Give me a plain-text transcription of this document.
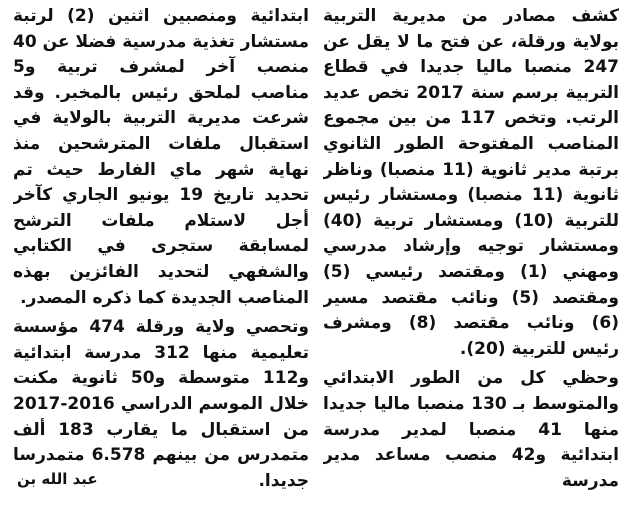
كشف مصادر من مديرية التربية بولاية ورقلة، عن فتح ما لا يقل عن 247 منصبا ماليا جديدا في قطاع التربية برسم سنة 2017 تخص عديد الرتب. وتخص 117 من بين مجموع المناصب المفتوحة الطور الثانوي برتبة مدير ثانوية (11 منصبا) وناظر ثانوية (11 منصبا) ومستشار رئيس للتربية (10) ومستشار تربية (40) ومستشار توجيه وإرشاد مدرسي ومهني (1) ومقتصد رئيسي (5) ومقتصد (5) ونائب مقتصد مسير (6) ونائب مقتصد (8) ومشرف رئيس للتربية (20).

وحظي كل من الطور الابتدائي والمتوسط بـ 130 منصبا ماليا جديدا منها 41 منصبا لمدير مدرسة ابتدائية و42 منصب مساعد مدير مدرسة

ابتدائية ومنصبين اثنين (2) لرتبة مستشار تغذية مدرسية فضلا عن 40 منصب آخر لمشرف تربية و5 مناصب لملحق رئيس بالمخبر. وقد شرعت مديرية التربية بالولاية في استقبال ملفات المترشحين منذ نهاية شهر ماي الفارط حيث تم تحديد تاريخ 19 يونيو الجاري كآخر أجل لاستلام ملفات الترشح لمسابقة ستجرى في الكتابي والشفهي لتحديد الفائزين بهذه المناصب الجديدة كما ذكره المصدر.

وتحصي ولاية ورقلة 474 مؤسسة تعليمية منها 312 مدرسة ابتدائية و112 متوسطة و50 ثانوية مكنت خلال الموسم الدراسي 2016-2017 من استقبال ما يقارب 183 ألف متمدرس من بينهم 6.578 متمدرسا جديدا.

عبد الله بن
